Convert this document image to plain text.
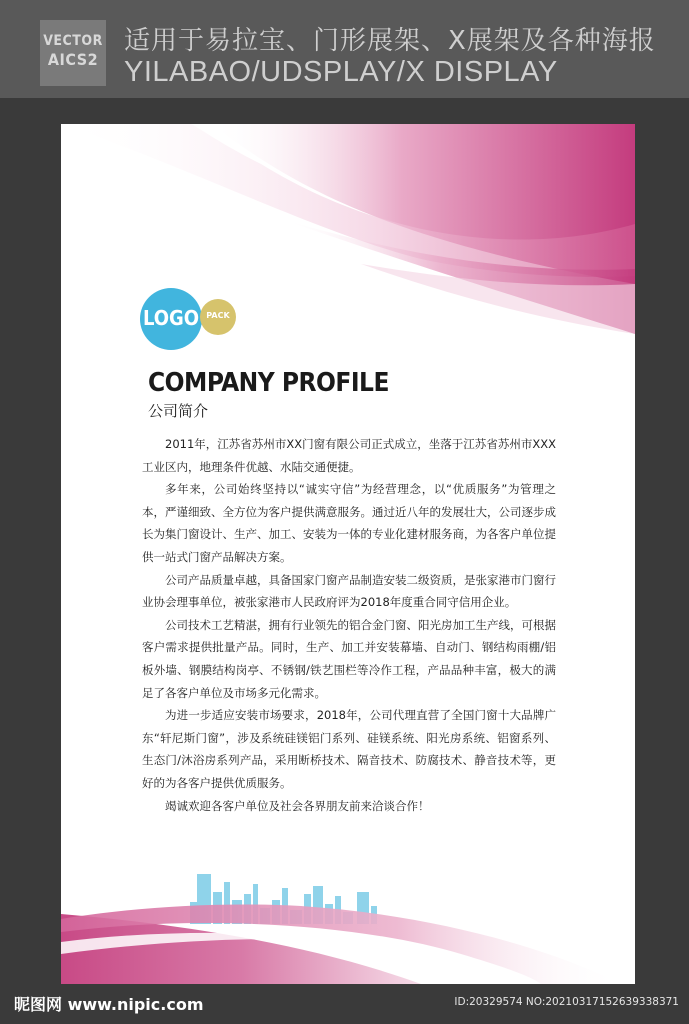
VECTOR
AICS2
适用于易拉宝、门形展架、X展架及各种海报
YILABAO/UDSPLAY/X DISPLAY
LOGO PACK
COMPANY PROFILE
公司简介

2011年，江苏省苏州市XX门窗有限公司正式成立，坐落于江苏省苏州市XXX工业区内，地理条件优越、水陆交通便捷。

多年来，公司始终坚持以“诚实守信”为经营理念，以“优质服务”为管理之本，严谨细致、全方位为客户提供满意服务。通过近八年的发展壮大，公司逐步成长为集门窗设计、生产、加工、安装为一体的专业化建材服务商，为各客户单位提供一站式门窗产品解决方案。

公司产品质量卓越，具备国家门窗产品制造安装二级资质，是张家港市门窗行业协会理事单位，被张家港市人民政府评为2018年度重合同守信用企业。

公司技术工艺精湛，拥有行业领先的铝合金门窗、阳光房加工生产线，可根据客户需求提供批量产品。同时，生产、加工并安装幕墙、自动门、钢结构雨棚/铝板外墙、钢膜结构岗亭、不锈钢/铁艺围栏等冷作工程，产品品种丰富，极大的满足了各客户单位及市场多元化需求。

为进一步适应安装市场要求，2018年，公司代理直营了全国门窗十大品牌广东“轩尼斯门窗”，涉及系统硅镁铝门系列、硅镁系统、阳光房系统、铝窗系列、生态门/沐浴房系列产品，采用断桥技术、隔音技术、防腐技术、静音技术等，更好的为各客户提供优质服务。

竭诚欢迎各客户单位及社会各界朋友前来洽谈合作！

昵图网 www.nipic.com	ID:20329574 NO:20210317152639338371
